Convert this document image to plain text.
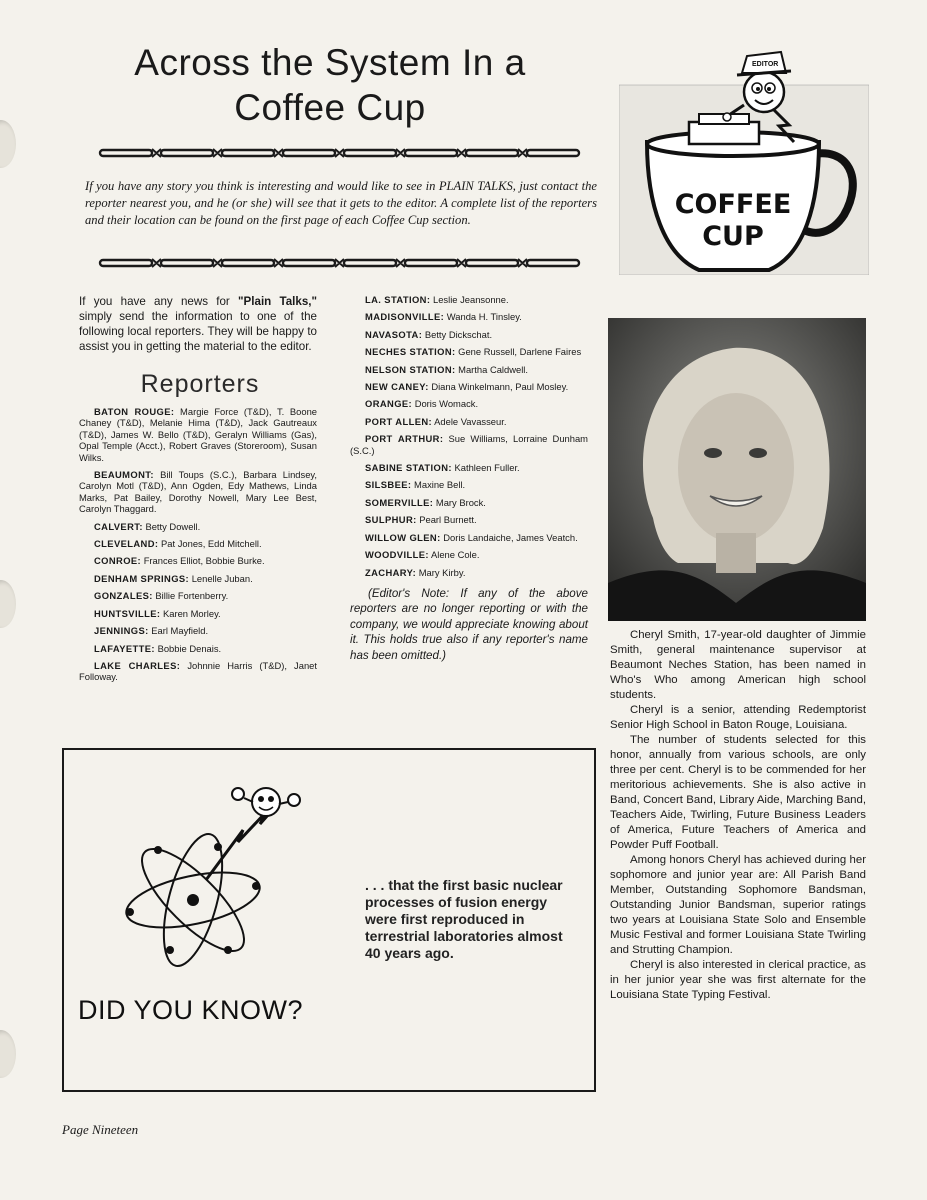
Across the System In a
Coffee Cup
If you have any story you think is interesting and would like to see in PLAIN TALKS, just contact the reporter nearest you, and he (or she) will see that it gets to the editor. A complete list of the reporters and their location can be found on the first page of each Coffee Cup section.
EDITOR
COFFEE
CUP
If you have any news for "Plain Talks," simply send the information to one of the following local reporters. They will be happy to assist you in getting the material to the editor.
Reporters

BATON ROUGE: Margie Force (T&D), T. Boone Chaney (T&D), Melanie Hima (T&D), Jack Gautreaux (T&D), James W. Bello (T&D), Geralyn Williams (Gas), Opal Temple (Acct.), Robert Graves (Storeroom), Susan Wilks.

BEAUMONT: Bill Toups (S.C.), Barbara Lindsey, Carolyn Motl (T&D), Ann Ogden, Edy Mathews, Linda Marks, Pat Bailey, Dorothy Nowell, Mary Lee Best, Carolyn Thaggard.

CALVERT: Betty Dowell.

CLEVELAND: Pat Jones, Edd Mitchell.

CONROE: Frances Elliot, Bobbie Burke.

DENHAM SPRINGS: Lenelle Juban.

GONZALES: Billie Fortenberry.

HUNTSVILLE: Karen Morley.

JENNINGS: Earl Mayfield.

LAFAYETTE: Bobbie Denais.

LAKE CHARLES: Johnnie Harris (T&D), Janet Followay.

LA. STATION: Leslie Jeansonne.

MADISONVILLE: Wanda H. Tinsley.

NAVASOTA: Betty Dickschat.

NECHES STATION: Gene Russell, Darlene Faires

NELSON STATION: Martha Caldwell.

NEW CANEY: Diana Winkelmann, Paul Mosley.

ORANGE: Doris Womack.

PORT ALLEN: Adele Vavasseur.

PORT ARTHUR: Sue Williams, Lorraine Dunham (S.C.)

SABINE STATION: Kathleen Fuller.

SILSBEE: Maxine Bell.

SOMERVILLE: Mary Brock.

SULPHUR: Pearl Burnett.

WILLOW GLEN: Doris Landaiche, James Veatch.

WOODVILLE: Alene Cole.

ZACHARY: Mary Kirby.

(Editor's Note: If any of the above reporters are no longer reporting or with the company, we would appreciate knowing about it. This holds true also if any reporter's name has been omitted.)

Cheryl Smith, 17-year-old daughter of Jimmie Smith, general maintenance supervisor at Beaumont Neches Station, has been named in Who's Who among American high school students.

Cheryl is a senior, attending Redemptorist Senior High School in Baton Rouge, Louisiana.

The number of students selected for this honor, annually from various schools, are only three per cent. Cheryl is to be commended for her meritorious achievements. She is also active in Band, Concert Band, Library Aide, Marching Band, Teachers Aide, Twirling, Future Business Leaders of America, Future Teachers of America and Powder Puff Football.

Among honors Cheryl has achieved during her sophomore and junior year are: All Parish Band Member, Outstanding Sophomore Bandsman, Outstanding Junior Bandsman, superior ratings two years at Louisiana State Solo and Ensemble Music Festival and former Louisiana State Twirling and Strutting Champion.

Cheryl is also interested in clerical practice, as in her junior year she was first alternate for the Louisiana State Typing Festival.

. . . that the first basic nuclear processes of fusion energy were first reproduced in terrestrial laboratories almost 40 years ago.
DID YOU KNOW?
Page Nineteen
